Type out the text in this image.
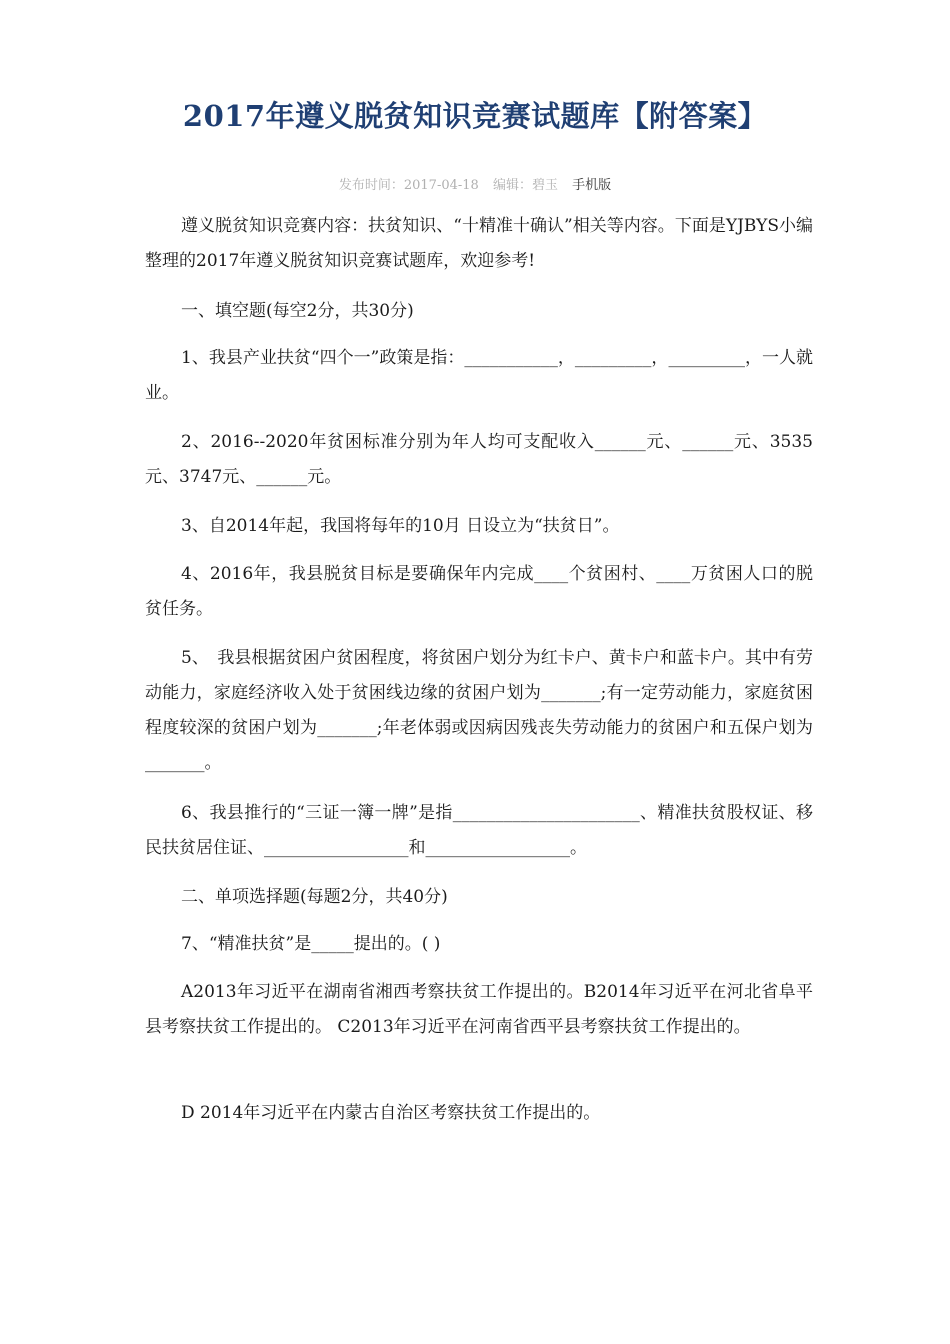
2017年遵义脱贫知识竞赛试题库【附答案】
发布时间：2017-04-18 编辑：碧玉 手机版

遵义脱贫知识竞赛内容：扶贫知识、“十精准十确认”相关等内容。下面是YJBYS小编整理的2017年遵义脱贫知识竞赛试题库，欢迎参考!

一、填空题(每空2分，共30分)

1、我县产业扶贫“四个一”政策是指：___________，_________，_________，一人就业。

2、2016--2020年贫困标准分别为年人均可支配收入______元、______元、3535元、3747元、______元。

3、自2014年起，我国将每年的10月 日设立为“扶贫日”。

4、2016年，我县脱贫目标是要确保年内完成____个贫困村、____万贫困人口的脱贫任务。

5、　我县根据贫困户贫困程度，将贫困户划分为红卡户、黄卡户和蓝卡户。其中有劳动能力，家庭经济收入处于贫困线边缘的贫困户划为_______;有一定劳动能力，家庭贫困程度较深的贫困户划为_______;年老体弱或因病因残丧失劳动能力的贫困户和五保户划为_______。

6、我县推行的“三证一簿一牌”是指______________________、精准扶贫股权证、移民扶贫居住证、_________________和_________________。

二、单项选择题(每题2分，共40分)

7、“精准扶贫”是_____提出的。( )

A2013年习近平在湖南省湘西考察扶贫工作提出的。B2014年习近平在河北省阜平县考察扶贫工作提出的。 C2013年习近平在河南省西平县考察扶贫工作提出的。

D 2014年习近平在内蒙古自治区考察扶贫工作提出的。
